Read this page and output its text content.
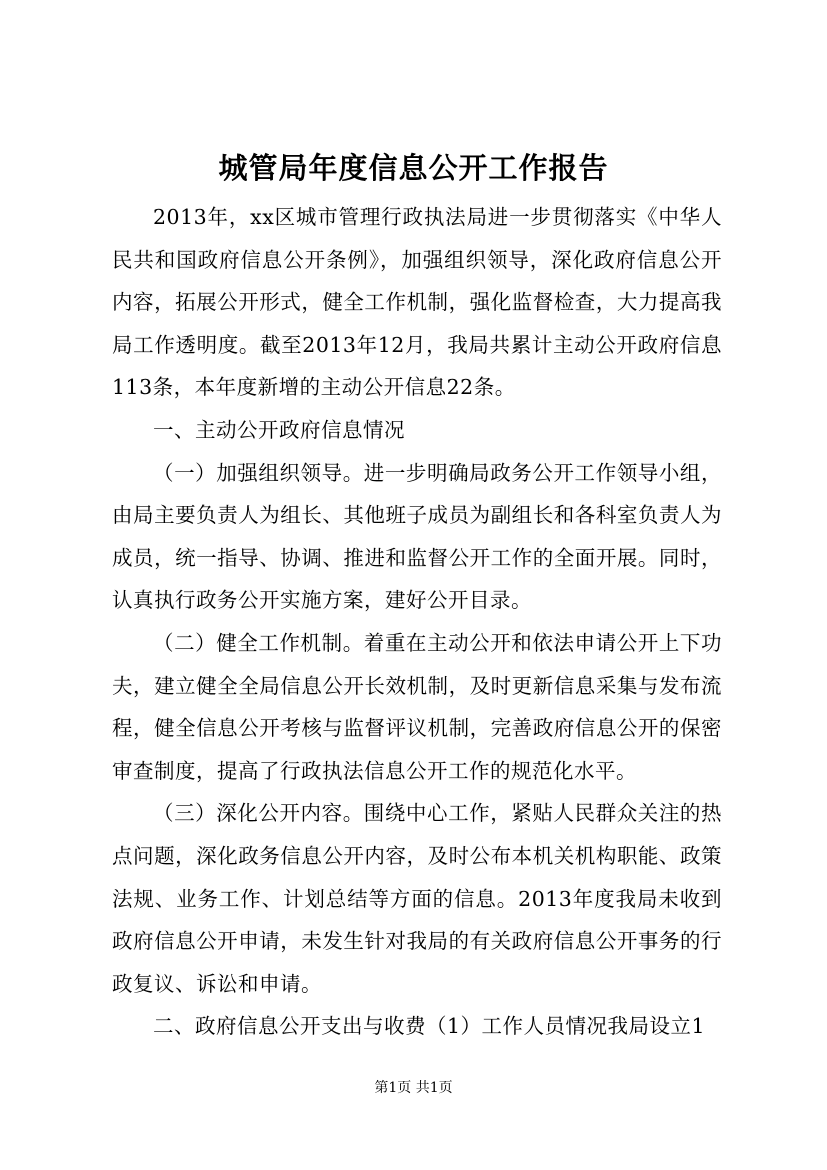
城管局年度信息公开工作报告

2013年，xx区城市管理行政执法局进一步贯彻落实《中华人民共和国政府信息公开条例》，加强组织领导，深化政府信息公开内容，拓展公开形式，健全工作机制，强化监督检查，大力提高我局工作透明度。截至2013年12月，我局共累计主动公开政府信息113条，本年度新增的主动公开信息22条。

一、主动公开政府信息情况

（一）加强组织领导。进一步明确局政务公开工作领导小组，由局主要负责人为组长、其他班子成员为副组长和各科室负责人为成员，统一指导、协调、推进和监督公开工作的全面开展。同时，认真执行政务公开实施方案，建好公开目录。

（二）健全工作机制。着重在主动公开和依法申请公开上下功夫，建立健全全局信息公开长效机制，及时更新信息采集与发布流程，健全信息公开考核与监督评议机制，完善政府信息公开的保密审查制度，提高了行政执法信息公开工作的规范化水平。

（三）深化公开内容。围绕中心工作，紧贴人民群众关注的热点问题，深化政务信息公开内容，及时公布本机关机构职能、政策法规、业务工作、计划总结等方面的信息。2013年度我局未收到政府信息公开申请，未发生针对我局的有关政府信息公开事务的行政复议、诉讼和申请。

二、政府信息公开支出与收费（1）工作人员情况我局设立1

第1页 共1页
